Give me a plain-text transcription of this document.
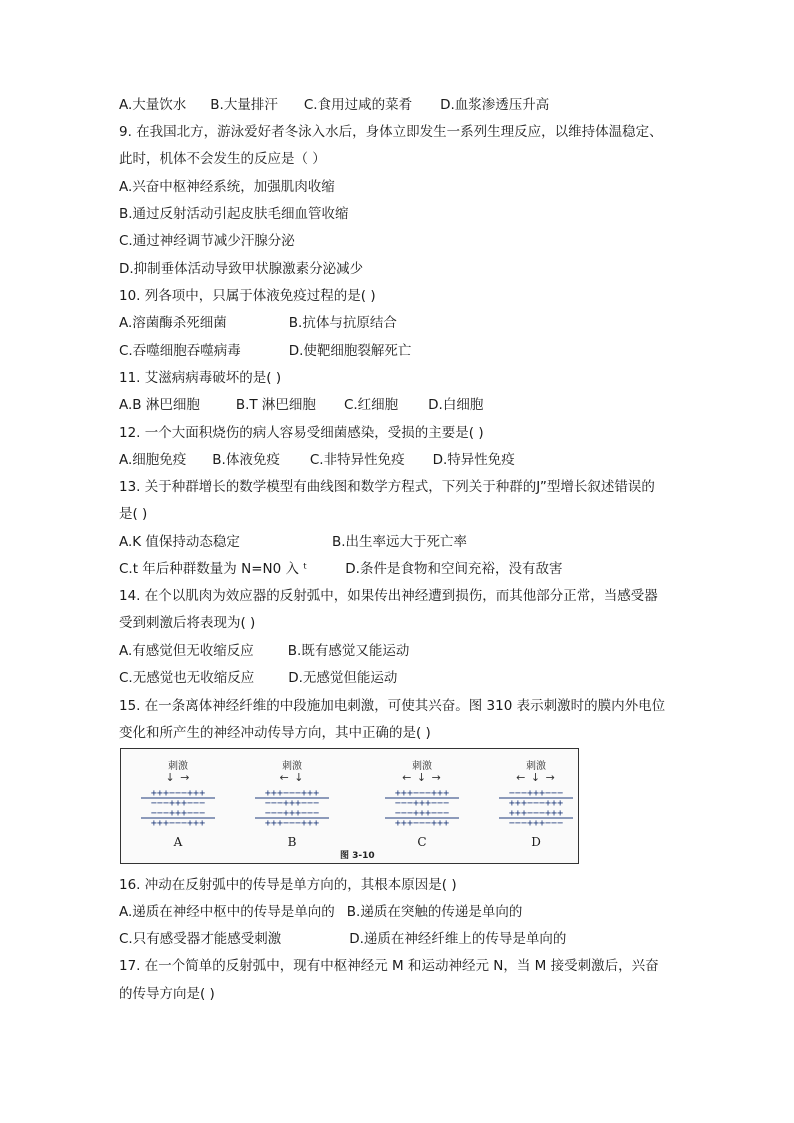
A.大量饮水 B.大量排汗 C.食用过咸的菜肴 D.血浆渗透压升高
9. 在我国北方，游泳爱好者冬泳入水后，身体立即发生一系列生理反应，以维持体温稳定、
此时，机体不会发生的反应是（ ）
A.兴奋中枢神经系统，加强肌肉收缩
B.通过反射活动引起皮肤毛细血管收缩
C.通过神经调节减少汗腺分泌
D.抑制垂体活动导致甲状腺激素分泌减少
10. 列各项中，只属于体液免疫过程的是( )
A.溶菌酶杀死细菌	B.抗体与抗原结合
C.吞噬细胞吞噬病毒	D.使靶细胞裂解死亡
11. 艾滋病病毒破坏的是( )
A.B 淋巴细胞	B.T 淋巴细胞 C.红细胞 D.白细胞
12. 一个大面积烧伤的病人容易受细菌感染，受损的主要是( )
A.细胞免疫 B.体液免疫 C.非特异性免疫 D.特异性免疫
13. 关于种群增长的数学模型有曲线图和数学方程式，下列关于种群的J”型增长叙述错误的
是( )
A.K 值保持动态稳定	B.出生率远大于死亡率
C.t 年后种群数量为 N=N0 入 ᵗ	D.条件是食物和空间充裕，没有敌害
14. 在个以肌肉为效应器的反射弧中，如果传出神经遭到损伤，而其他部分正常，当感受器
受到刺激后将表现为( )
A.有感觉但无收缩反应	B.既有感觉又能运动
C.无感觉也无收缩反应	D.无感觉但能运动
15. 在一条离体神经纤维的中段施加电刺激，可使其兴奋。图 310 表示刺激时的膜内外电位
变化和所产生的神经冲动传导方向，其中正确的是( )
16. 冲动在反射弧中的传导是单方向的，其根本原因是( )
A.递质在神经中枢中的传导是单向的 B.递质在突触的传递是单向的
C.只有感受器才能感受刺激	D.递质在神经纤维上的传导是单向的
17. 在一个简单的反射弧中，现有中枢神经元 M 和运动神经元 N，当 M 接受刺激后，兴奋
的传导方向是( )
刺激
↓ →
+++−−−+++
−−−+++−−−
−−−+++−−−
+++−−−+++
A
刺激
← ↓
+++−−−+++
−−−+++−−−
−−−+++−−−
+++−−−+++
B
刺激
← ↓ →
+++−−−+++
−−−+++−−−
−−−+++−−−
+++−−−+++
C
刺激
← ↓ →
−−−+++−−−
+++−−−+++
+++−−−+++
−−−+++−−−
D
图 3-10
